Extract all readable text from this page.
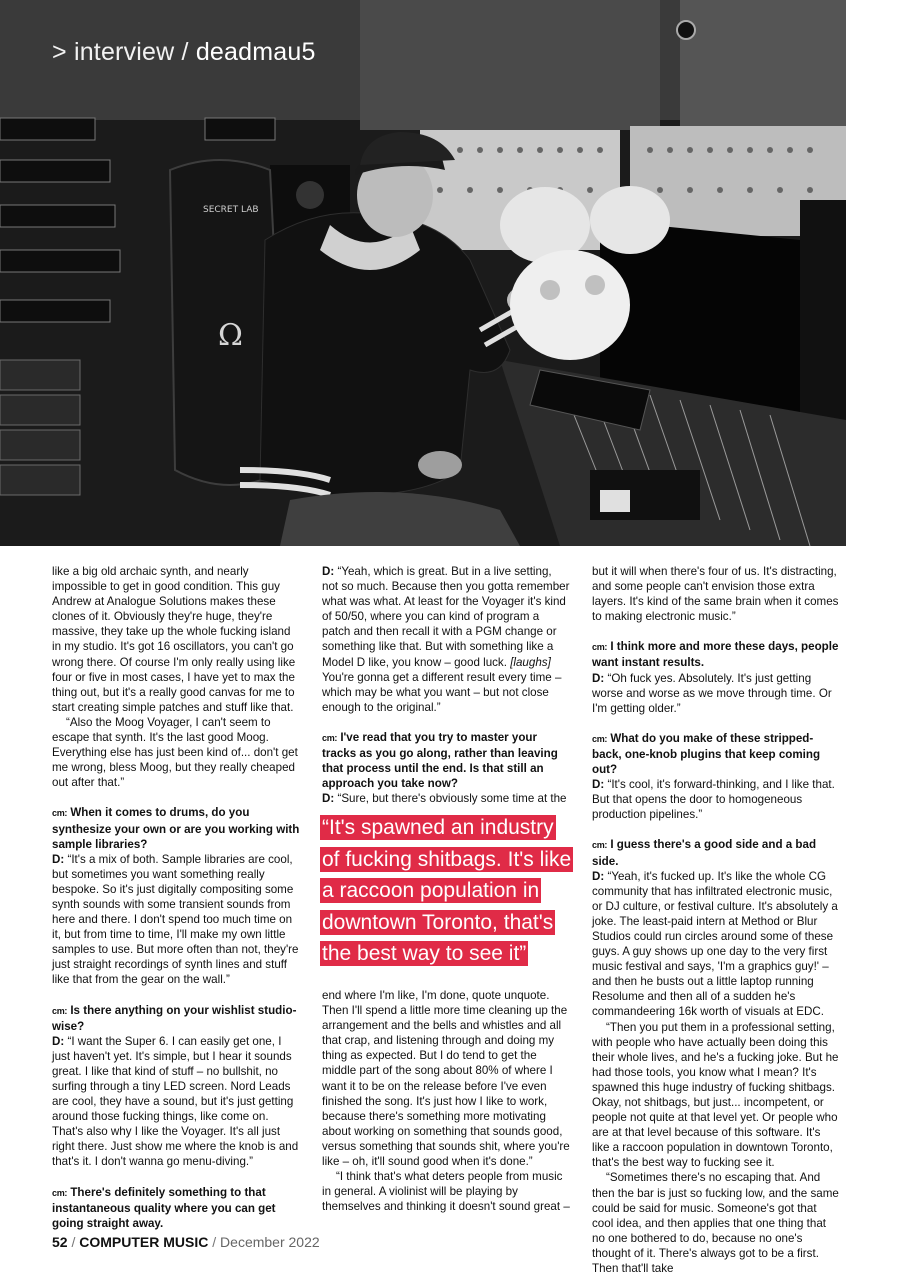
SECRET LAB
Ω
> interview / deadmau5

like a big old archaic synth, and nearly impossible to get in good condition. This guy Andrew at Analogue Solutions makes these clones of it. Obviously they're huge, they're massive, they take up the whole fucking island in my studio. It's got 16 oscillators, you can't go wrong there. Of course I'm only really using like four or five in most cases, I have yet to max the thing out, but it's a really good canvas for me to start creating simple patches and stuff like that.

“Also the Moog Voyager, I can't seem to escape that synth. It's the last good Moog. Everything else has just been kind of... don't get me wrong, bless Moog, but they really cheaped out after that.”

cm: When it comes to drums, do you synthesize your own or are you working with sample libraries?

D: “It's a mix of both. Sample libraries are cool, but sometimes you want something really bespoke. So it's just digitally compositing some synth sounds with some transient sounds from here and there. I don't spend too much time on it, but from time to time, I'll make my own little samples to use. But more often than not, they're just straight recordings of synth lines and stuff like that from the gear on the wall.”

cm: Is there anything on your wishlist studio-wise?

D: “I want the Super 6. I can easily get one, I just haven't yet. It's simple, but I hear it sounds great. I like that kind of stuff – no bullshit, no surfing through a tiny LED screen. Nord Leads are cool, they have a sound, but it's just getting around those fucking things, like come on. That's also why I like the Voyager. It's all just right there. Just show me where the knob is and that's it. I don't wanna go menu-diving.”

cm: There's definitely something to that instantaneous quality where you can get going straight away.

D: “Yeah, which is great. But in a live setting, not so much. Because then you gotta remember what was what. At least for the Voyager it's kind of 50/50, where you can kind of program a patch and then recall it with a PGM change or something like that. But with something like a Model D like, you know – good luck. [laughs] You're gonna get a different result every time – which may be what you want – but not close enough to the original.”

cm: I've read that you try to master your tracks as you go along, rather than leaving that process until the end. Is that still an approach you take now?

D: “Sure, but there's obviously some time at the

“It's spawned an industry of fucking shitbags. It's like a raccoon population in downtown Toronto, that's the best way to see it”

end where I'm like, I'm done, quote unquote. Then I'll spend a little more time cleaning up the arrangement and the bells and whistles and all that crap, and listening through and doing my thing as expected. But I do tend to get the middle part of the song about 80% of where I want it to be on the release before I've even finished the song. It's just how I like to work, because there's something more motivating about working on something that sounds good, versus something that sounds shit, where you're like – oh, it'll sound good when it's done.”

“I think that's what deters people from music in general. A violinist will be playing by themselves and thinking it doesn't sound great –

but it will when there's four of us. It's distracting, and some people can't envision those extra layers. It's kind of the same brain when it comes to making electronic music.”

cm: I think more and more these days, people want instant results.

D: “Oh fuck yes. Absolutely. It's just getting worse and worse as we move through time. Or I'm getting older.”

cm: What do you make of these stripped-back, one-knob plugins that keep coming out?

D: “It's cool, it's forward-thinking, and I like that. But that opens the door to homogeneous production pipelines.”

cm: I guess there's a good side and a bad side.

D: “Yeah, it's fucked up. It's like the whole CG community that has infiltrated electronic music, or DJ culture, or festival culture. It's absolutely a joke. The least-paid intern at Method or Blur Studios could run circles around some of these guys. A guy shows up one day to the very first music festival and says, 'I'm a graphics guy!' – and then he busts out a little laptop running Resolume and then all of a sudden he's commandeering 16k worth of visuals at EDC.

“Then you put them in a professional setting, with people who have actually been doing this their whole lives, and he's a fucking joke. But he had those tools, you know what I mean? It's spawned this huge industry of fucking shitbags. Okay, not shitbags, but just... incompetent, or people not quite at that level yet. Or people who are at that level because of this software. It's like a raccoon population in downtown Toronto, that's the best way to fucking see it.

“Sometimes there's no escaping that. And then the bar is just so fucking low, and the same could be said for music. Someone's got that cool idea, and then applies that one thing that no one bothered to do, because no one's thought of it. There's always got to be a first. Then that'll take

52 / COMPUTER MUSIC / December 2022
